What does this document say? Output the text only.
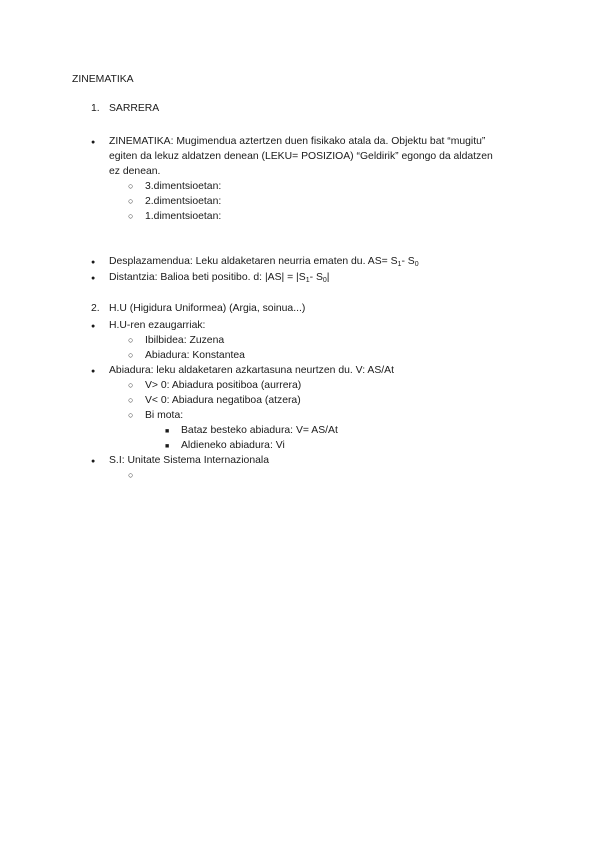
ZINEMATIKA
1. SARRERA
●
ZINEMATIKA: Mugimendua aztertzen duen fisikako atala da. Objektu bat “mugitu”
egiten da lekuz aldatzen denean (LEKU= POSIZIOA) “Geldirik” egongo da aldatzen
ez denean.
○
3.dimentsioetan:
○
2.dimentsioetan:
○
1.dimentsioetan:
●
Desplazamendua: Leku aldaketaren neurria ematen du. $AS= S_1-$ $S_0$
●
Distantzia: Balioa beti positibo. d: $|AS| = |S_1-$ $S_0|$
2. H.U (Higidura Uniformea) (Argia, soinua...)
●
H.U-ren ezaugarriak:
○
Ibilbidea: Zuzena
○
Abiadura: Konstantea
●
Abiadura: leku aldaketaren azkartasuna neurtzen du. V: AS/At
○
V> 0: Abiadura positiboa (aurrera)
○
V< 0: Abiadura negatiboa (atzera)
○
Bi mota:
■
Bataz besteko abiadura: V= AS/At
■
Aldieneko abiadura: Vi
●
S.I: Unitate Sistema Internazionala
○
